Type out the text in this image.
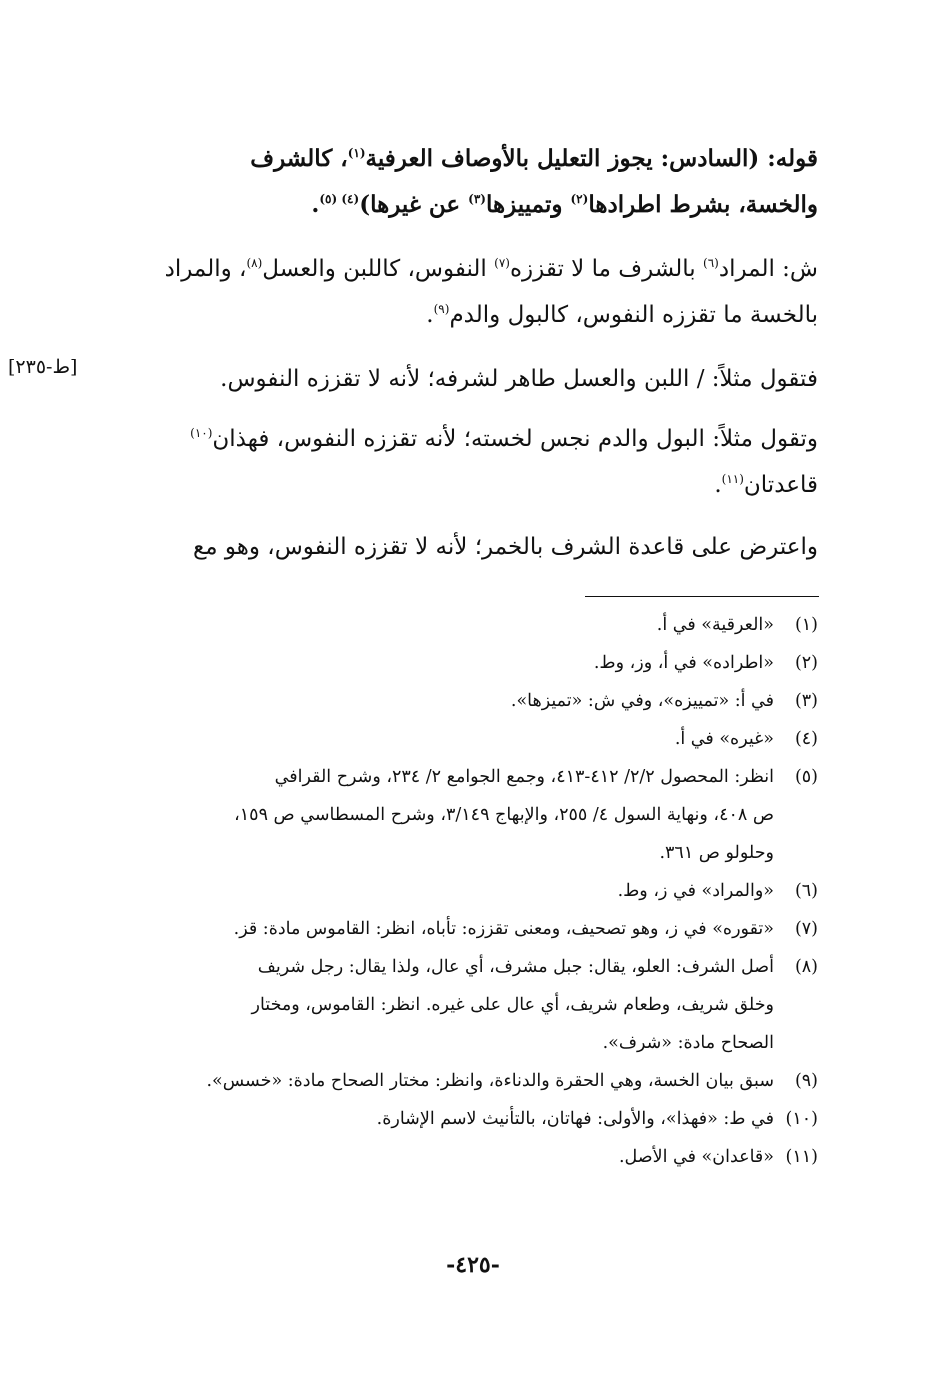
قوله: (السادس: يجوز التعليل بالأوصاف العرفية$^{(١)}$، كالشرف
والخسة، بشرط اطرادها$^{(٢)}$ وتمييزها$^{(٣)}$ عن غيرها)$^{(٤) (٥)}$.
ش: المراد$^{(٦)}$ بالشرف ما لا تقززه$^{(٧)}$ النفوس، كاللبن والعسل$^{(٨)}$، والمراد
بالخسة ما تقززه النفوس، كالبول والدم$^{(٩)}$.
فتقول مثلاً: / اللبن والعسل طاهر لشرفه؛ لأنه لا تقززه النفوس.
[ط-٢٣٥]
وتقول مثلاً: البول والدم نجس لخسته؛ لأنه تقززه النفوس، فهذان$^{(١٠)}$
قاعدتان$^{(١١)}$.
واعترض على قاعدة الشرف بالخمر؛ لأنه لا تقززه النفوس، وهو مع
(١)«العرقية» في أ.
(٢)«اطراده» في أ، وز، وط.
(٣)في أ: «تمييزه»، وفي ش: «تميزها».
(٤)«غيره» في أ.
(٥)انظر: المحصول ٢/٢/ ٤١٢-٤١٣، وجمع الجوامع ٢/ ٢٣٤، وشرح القرافي
ص ٤٠٨، ونهاية السول ٤/ ٢٥٥، والإبهاج ٣/١٤٩، وشرح المسطاسي ص ١٥٩،
وحلولو ص ٣٦١.
(٦)«والمراد» في ز، وط.
(٧)«تقوره» في ز، وهو تصحيف، ومعنى تقززه: تأباه، انظر: القاموس مادة: قز.
(٨)أصل الشرف: العلو، يقال: جبل مشرف، أي عال، ولذا يقال: رجل شريف
وخلق شريف، وطعام شريف، أي عال على غيره. انظر: القاموس، ومختار
الصحاح مادة: «شرف».
(٩)سبق بيان الخسة، وهي الحقرة والدناءة، وانظر: مختار الصحاح مادة: «خسس».
(١٠)في ط: «فهذا»، والأولى: فهاتان، بالتأنيث لاسم الإشارة.
(١١)«قاعدان» في الأصل.
-٤٢٥-
